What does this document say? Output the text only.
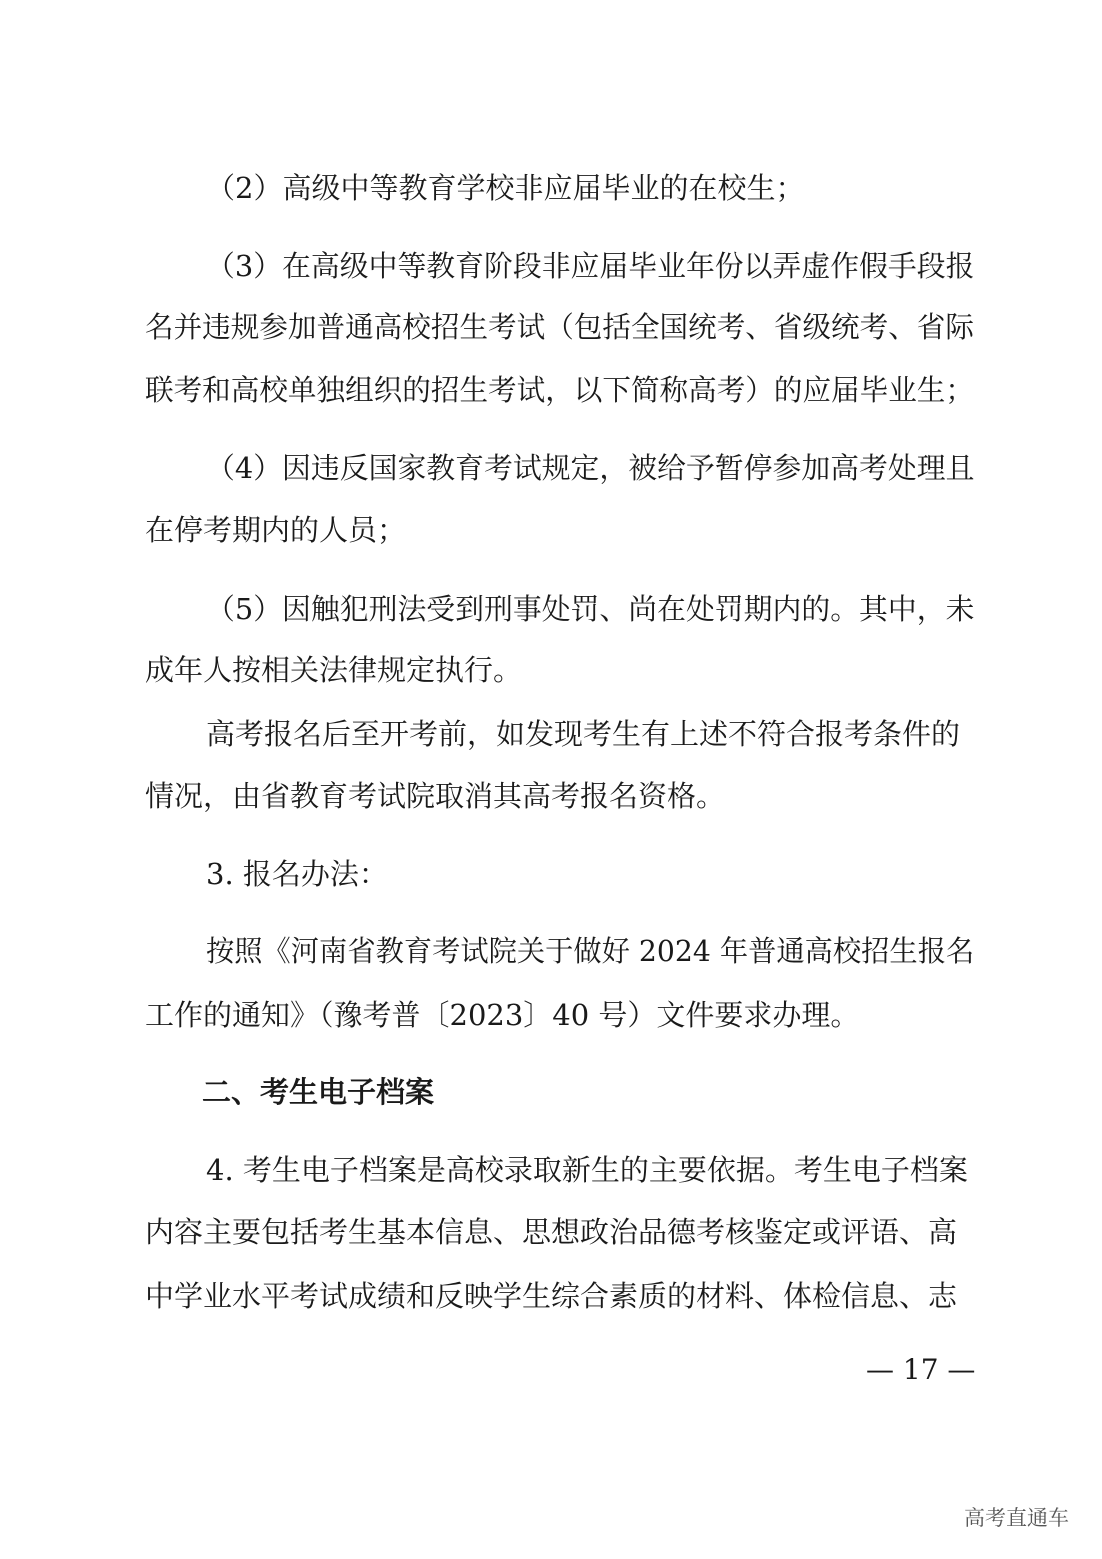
（2）高级中等教育学校非应届毕业的在校生；
（3）在高级中等教育阶段非应届毕业年份以弄虚作假手段报
名并违规参加普通高校招生考试（包括全国统考、省级统考、省际
联考和高校单独组织的招生考试，以下简称高考）的应届毕业生；
（4）因违反国家教育考试规定，被给予暂停参加高考处理且
在停考期内的人员；
（5）因触犯刑法受到刑事处罚、尚在处罚期内的。其中，未
成年人按相关法律规定执行。
高考报名后至开考前，如发现考生有上述不符合报考条件的
情况，由省教育考试院取消其高考报名资格。
3. 报名办法：
按照《河南省教育考试院关于做好 2024 年普通高校招生报名
工作的通知》（豫考普〔2023〕40 号）文件要求办理。
二、考生电子档案
4. 考生电子档案是高校录取新生的主要依据。考生电子档案
内容主要包括考生基本信息、思想政治品德考核鉴定或评语、高
中学业水平考试成绩和反映学生综合素质的材料、体检信息、志
— 17 —
高考直通车
